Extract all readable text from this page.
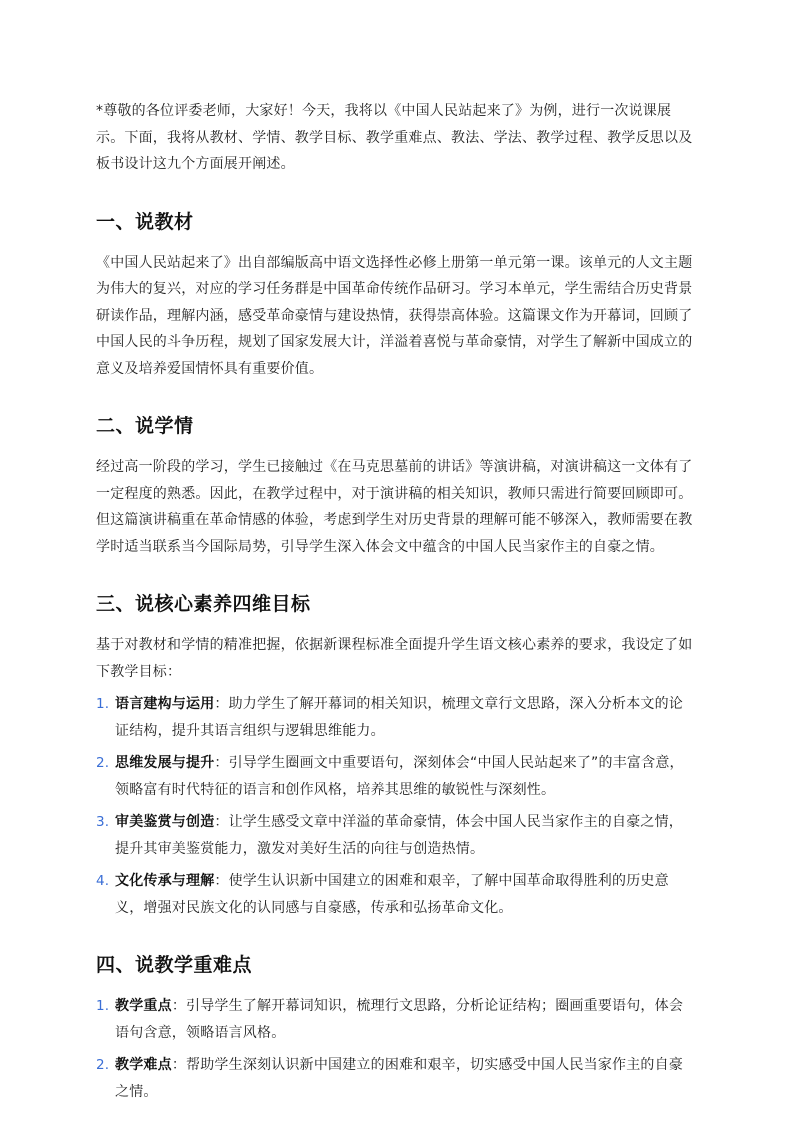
*尊敬的各位评委老师，大家好！今天，我将以《中国人民站起来了》为例，进行一次说课展示。下面，我将从教材、学情、教学目标、教学重难点、教法、学法、教学过程、教学反思以及板书设计这九个方面展开阐述。

一、说教材

《中国人民站起来了》出自部编版高中语文选择性必修上册第一单元第一课。该单元的人文主题为伟大的复兴，对应的学习任务群是中国革命传统作品研习。学习本单元，学生需结合历史背景研读作品，理解内涵，感受革命豪情与建设热情，获得崇高体验。这篇课文作为开幕词，回顾了中国人民的斗争历程，规划了国家发展大计，洋溢着喜悦与革命豪情，对学生了解新中国成立的意义及培养爱国情怀具有重要价值。

二、说学情

经过高一阶段的学习，学生已接触过《在马克思墓前的讲话》等演讲稿，对演讲稿这一文体有了一定程度的熟悉。因此，在教学过程中，对于演讲稿的相关知识，教师只需进行简要回顾即可。但这篇演讲稿重在革命情感的体验，考虑到学生对历史背景的理解可能不够深入，教师需要在教学时适当联系当今国际局势，引导学生深入体会文中蕴含的中国人民当家作主的自豪之情。

三、说核心素养四维目标

基于对教材和学情的精准把握，依据新课程标准全面提升学生语文核心素养的要求，我设定了如下教学目标：

1. 语言建构与运用：助力学生了解开幕词的相关知识，梳理文章行文思路，深入分析本文的论证结构，提升其语言组织与逻辑思维能力。
2. 思维发展与提升：引导学生圈画文中重要语句，深刻体会“中国人民站起来了”的丰富含意，领略富有时代特征的语言和创作风格，培养其思维的敏锐性与深刻性。
3. 审美鉴赏与创造：让学生感受文章中洋溢的革命豪情，体会中国人民当家作主的自豪之情，提升其审美鉴赏能力，激发对美好生活的向往与创造热情。
4. 文化传承与理解：使学生认识新中国建立的困难和艰辛，了解中国革命取得胜利的历史意义，增强对民族文化的认同感与自豪感，传承和弘扬革命文化。
四、说教学重难点
1. 教学重点：引导学生了解开幕词知识，梳理行文思路，分析论证结构；圈画重要语句，体会语句含意，领略语言风格。
2. 教学难点：帮助学生深刻认识新中国建立的困难和艰辛，切实感受中国人民当家作主的自豪之情。
